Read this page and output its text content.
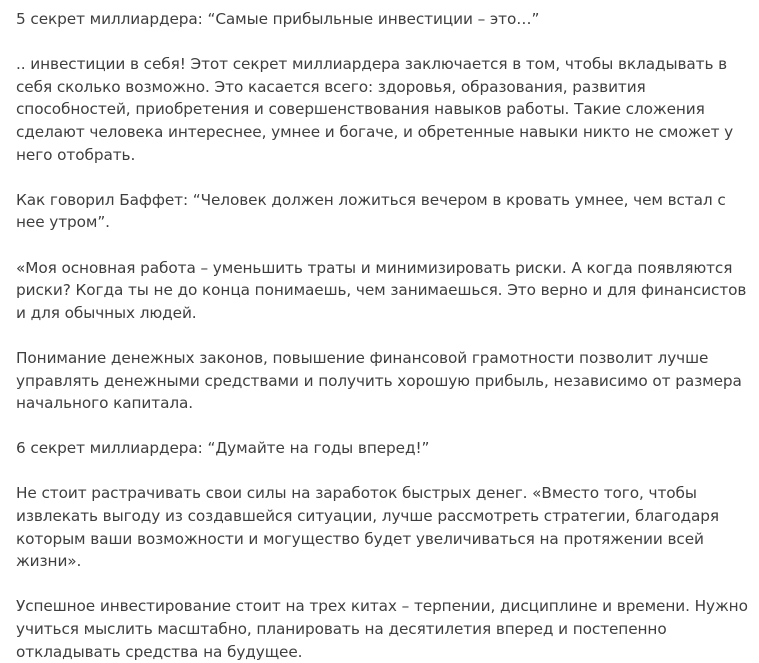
5 секрет миллиардера: “Самые прибыльные инвестиции – это…”

.. инвестиции в себя! Этот секрет миллиардера заключается в том, чтобы вкладывать в себя сколько возможно. Это касается всего: здоровья, образования, развития способностей, приобретения и совершенствования навыков работы. Такие сложения сделают человека интереснее, умнее и богаче, и обретенные навыки никто не сможет у него отобрать.

Как говорил Баффет: “Человек должен ложиться вечером в кровать умнее, чем встал с нее утром”.

«Моя основная работа – уменьшить траты и минимизировать риски. А когда появляются риски? Когда ты не до конца понимаешь, чем занимаешься. Это верно и для финансистов и для обычных людей.

Понимание денежных законов, повышение финансовой грамотности позволит лучше управлять денежными средствами и получить хорошую прибыль, независимо от размера начального капитала.

6 секрет миллиардера: “Думайте на годы вперед!”

Не стоит растрачивать свои силы на заработок быстрых денег. «Вместо того, чтобы извлекать выгоду из создавшейся ситуации, лучше рассмотреть стратегии, благодаря которым ваши возможности и могущество будет увеличиваться на протяжении всей жизни».

Успешное инвестирование стоит на трех китах – терпении, дисциплине и времени. Нужно учиться мыслить масштабно, планировать на десятилетия вперед и постепенно откладывать средства на будущее.
